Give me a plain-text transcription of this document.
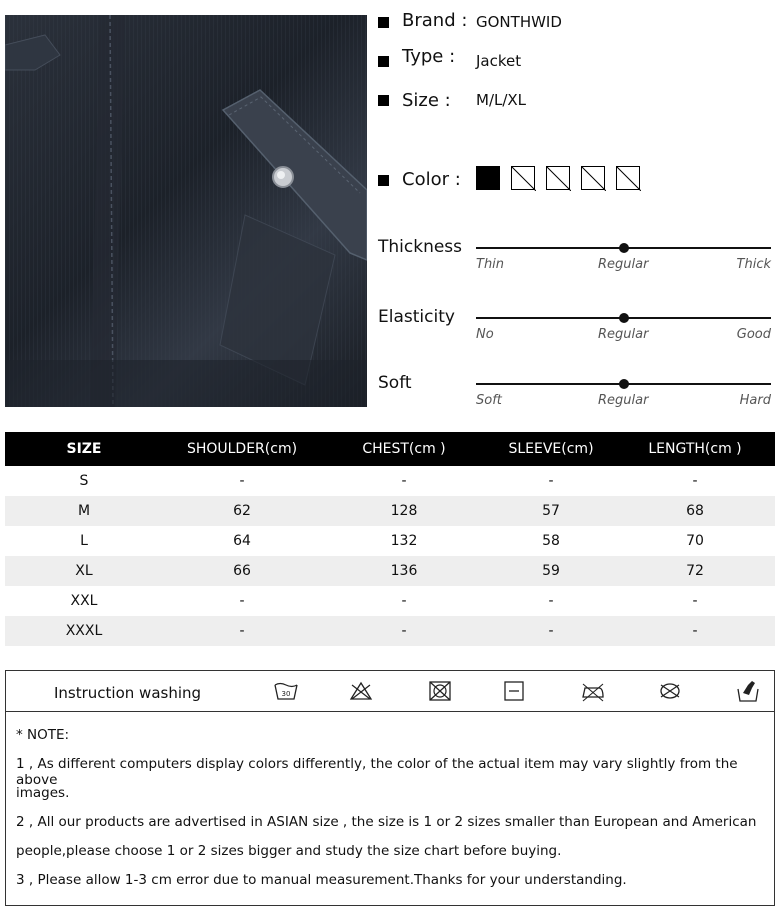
Brand : GONTHWID
Type : Jacket
Size : M/L/XL
Color :
Thickness
Thin	Regular	Thick
Elasticity
No	Regular	Good
Soft
Soft	Regular	Hard
SIZE	SHOULDER(cm)	CHEST(cm )	SLEEVE(cm)	LENGTH(cm )
S	-	-	-	-
M	62	128	57	68
L	64	132	58	70
XL	66	136	59	72
XXL	-	-	-	-
XXXL	-	-	-	-
Instruction washing	30
* NOTE:
1 , As different computers display colors differently, the color of the actual item may vary slightly from the above
images.
2 , All our products are advertised in ASIAN size , the size is 1 or 2 sizes smaller than European and American
people,please choose 1 or 2 sizes bigger and study the size chart before buying.
3 , Please allow 1-3 cm error due to manual measurement.Thanks for your understanding.
